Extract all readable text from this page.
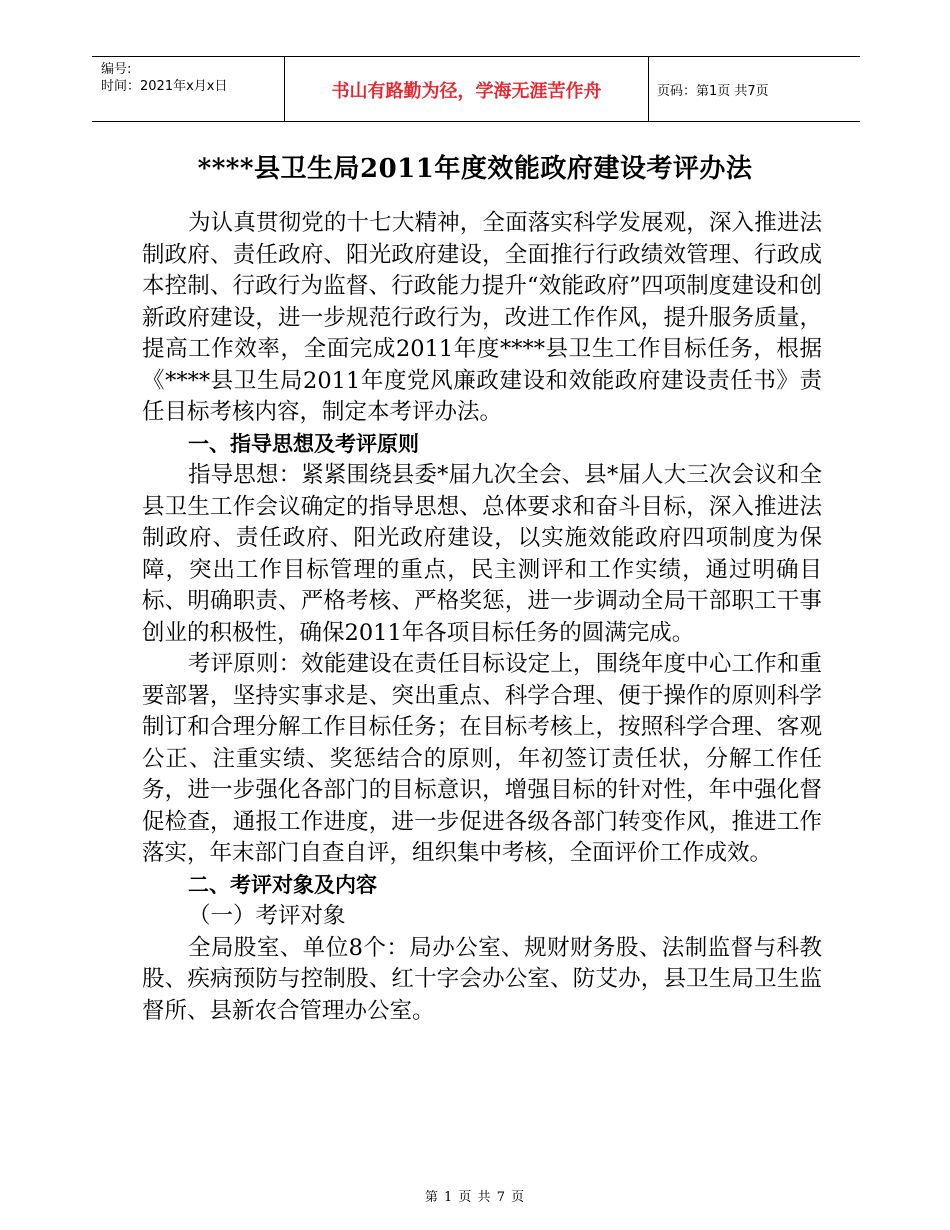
编号:
时间：2021年x月x日	书山有路勤为径，学海无涯苦作舟	页码：第1页 共7页
****县卫生局2011年度效能政府建设考评办法

为认真贯彻党的十七大精神，全面落实科学发展观，深入推进法制政府、责任政府、阳光政府建设，全面推行行政绩效管理、行政成本控制、行政行为监督、行政能力提升“效能政府”四项制度建设和创新政府建设，进一步规范行政行为，改进工作作风，提升服务质量，提高工作效率，全面完成2011年度****县卫生工作目标任务，根据《****县卫生局2011年度党风廉政建设和效能政府建设责任书》责任目标考核内容，制定本考评办法。

一、指导思想及考评原则

指导思想：紧紧围绕县委*届九次全会、县*届人大三次会议和全县卫生工作会议确定的指导思想、总体要求和奋斗目标，深入推进法制政府、责任政府、阳光政府建设，以实施效能政府四项制度为保障，突出工作目标管理的重点，民主测评和工作实绩，通过明确目标、明确职责、严格考核、严格奖惩，进一步调动全局干部职工干事创业的积极性，确保2011年各项目标任务的圆满完成。

考评原则：效能建设在责任目标设定上，围绕年度中心工作和重要部署，坚持实事求是、突出重点、科学合理、便于操作的原则科学制订和合理分解工作目标任务；在目标考核上，按照科学合理、客观公正、注重实绩、奖惩结合的原则，年初签订责任状，分解工作任务，进一步强化各部门的目标意识，增强目标的针对性，年中强化督促检查，通报工作进度，进一步促进各级各部门转变作风，推进工作落实，年末部门自查自评，组织集中考核，全面评价工作成效。

二、考评对象及内容

（一）考评对象

全局股室、单位8个：局办公室、规财财务股、法制监督与科教股、疾病预防与控制股、红十字会办公室、防艾办，县卫生局卫生监督所、县新农合管理办公室。

第 1 页 共 7 页
